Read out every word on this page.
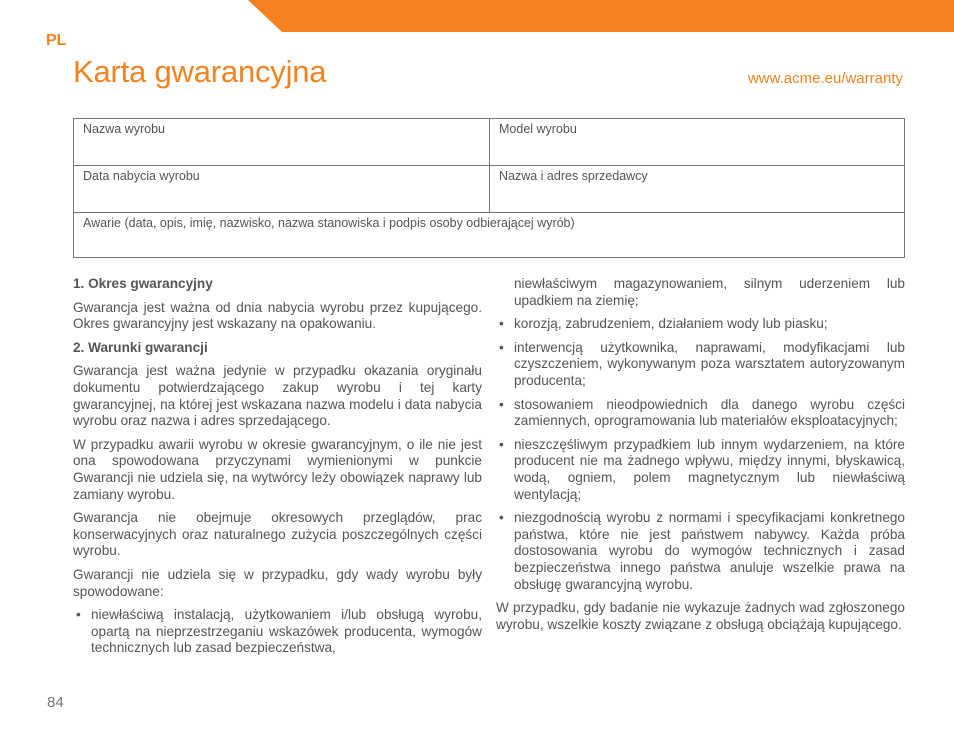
PL
Karta gwarancyjna	www.acme.eu/warranty
Nazwa wyrobu	Model wyrobu
Data nabycia wyrobu	Nazwa i adres sprzedawcy
Awarie (data, opis, imię, nazwisko, nazwa stanowiska i podpis osoby odbierającej wyrób)	
1. Okres gwarancyjny

Gwarancja jest ważna od dnia nabycia wyrobu przez kupującego. Okres gwarancyjny jest wskazany na opakowaniu.

2. Warunki gwarancji

Gwarancja jest ważna jedynie w przypadku okazania oryginału dokumentu potwierdzającego zakup wyrobu i tej karty gwarancyjnej, na której jest wskazana nazwa modelu i data nabycia wyrobu oraz nazwa i adres sprzedającego.

W przypadku awarii wyrobu w okresie gwarancyjnym, o ile nie jest ona spowodowana przyczynami wymienionymi w punkcie Gwarancji nie udziela się, na wytwórcy leży obowiązek naprawy lub zamiany wyrobu.

Gwarancja nie obejmuje okresowych przeglądów, prac konserwacyjnych oraz naturalnego zużycia poszczególnych części wyrobu.

Gwarancji nie udziela się w przypadku, gdy wady wyrobu były spowodowane:

• niewłaściwą instalacją, użytkowaniem i/lub obsługą wyrobu, opartą na nieprzestrzeganiu wskazówek producenta, wymogów technicznych lub zasad bezpieczeństwa,
niewłaściwym magazynowaniem, silnym uderzeniem lub upadkiem na ziemię;
• korozją, zabrudzeniem, działaniem wody lub piasku;
• interwencją użytkownika, naprawami, modyfikacjami lub czyszczeniem, wykonywanym poza warsztatem autoryzowanym producenta;
• stosowaniem nieodpowiednich dla danego wyrobu części zamiennych, oprogramowania lub materiałów eksploatacyjnych;
• nieszczęśliwym przypadkiem lub innym wydarzeniem, na które producent nie ma żadnego wpływu, między innymi, błyskawicą, wodą, ogniem, polem magnetycznym lub niewłaściwą wentylacją;
• niezgodnością wyrobu z normami i specyfikacjami konkretnego państwa, które nie jest państwem nabywcy. Każda próba dostosowania wyrobu do wymogów technicznych i zasad bezpieczeństwa innego państwa anuluje wszelkie prawa na obsługę gwarancyjną wyrobu.

W przypadku, gdy badanie nie wykazuje żadnych wad zgłoszonego wyrobu, wszelkie koszty związane z obsługą obciążają kupującego.

84
